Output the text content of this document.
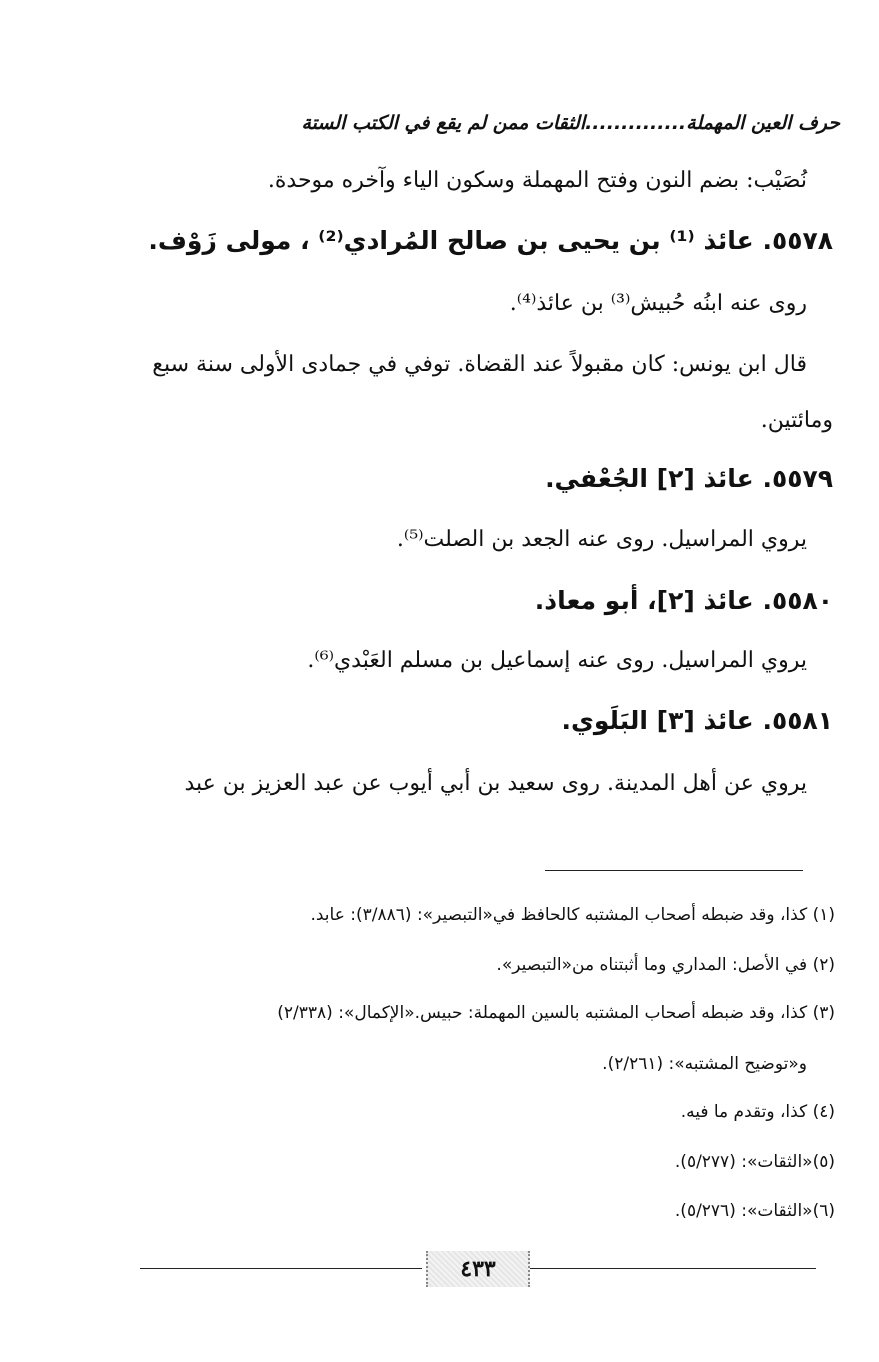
حرف العين المهملة..............الثقات ممن لم يقع في الكتب الستة
نُصَيْب: بضم النون وفتح المهملة وسكون الياء وآخره موحدة.
٥٥٧٨. عائذ ⁽¹⁾ بن يحيى بن صالح المُرادي⁽²⁾ ، مولى زَوْف.
روى عنه ابنُه حُبيش⁽³⁾ بن عائذ⁽⁴⁾.
قال ابن يونس: كان مقبولاً عند القضاة. توفي في جمادى الأولى سنة سبع
ومائتين.
٥٥٧٩. عائذ [٢] الجُعْفي.
يروي المراسيل. روى عنه الجعد بن الصلت⁽⁵⁾.
٥٥٨٠. عائذ [٢]، أبو معاذ.
يروي المراسيل. روى عنه إسماعيل بن مسلم العَبْدي⁽⁶⁾.
٥٥٨١. عائذ [٣] البَلَوي.
يروي عن أهل المدينة. روى سعيد بن أبي أيوب عن عبد العزيز بن عبد
(١) كذا، وقد ضبطه أصحاب المشتبه كالحافظ في«التبصير»: (٣/٨٨٦): عابد.
(٢) في الأصل: المداري وما أثبتناه من«التبصير».
(٣) كذا، وقد ضبطه أصحاب المشتبه بالسين المهملة: حبيس.«الإكمال»: (٢/٣٣٨)
و«توضيح المشتبه»: (٢/٢٦١).
(٤) كذا، وتقدم ما فيه.
(٥)«الثقات»: (٥/٢٧٧).
(٦)«الثقات»: (٥/٢٧٦).
٤٣٣
